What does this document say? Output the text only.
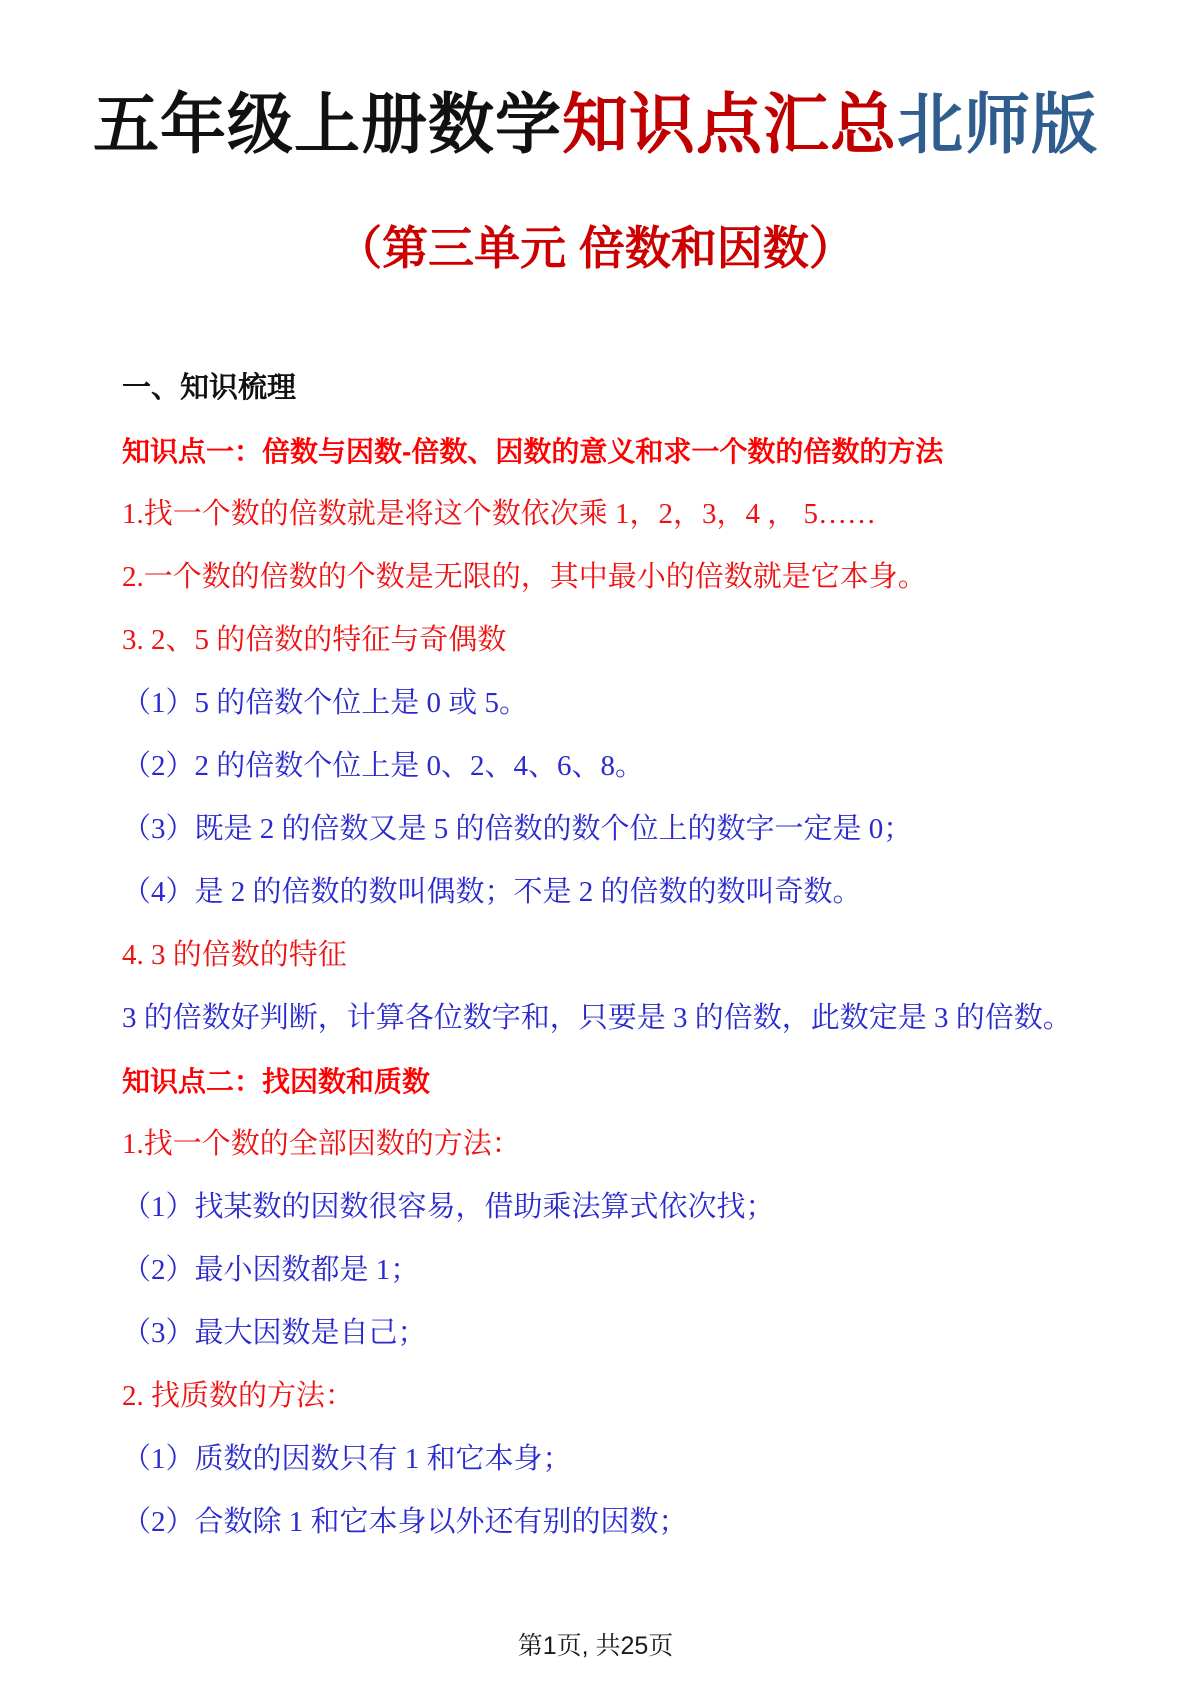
五年级上册数学知识点汇总北师版
（第三单元 倍数和因数）

一、知识梳理

知识点一：倍数与因数-倍数、因数的意义和求一个数的倍数的方法

1.找一个数的倍数就是将这个数依次乘 1，2，3，4 ， 5……

2.一个数的倍数的个数是无限的，其中最小的倍数就是它本身。

3. 2、5 的倍数的特征与奇偶数

（1）5 的倍数个位上是 0 或 5。

（2）2 的倍数个位上是 0、2、4、6、8。

（3）既是 2 的倍数又是 5 的倍数的数个位上的数字一定是 0；

（4）是 2 的倍数的数叫偶数；不是 2 的倍数的数叫奇数。

4. 3 的倍数的特征

3 的倍数好判断，计算各位数字和，只要是 3 的倍数，此数定是 3 的倍数。

知识点二：找因数和质数

1.找一个数的全部因数的方法：

（1）找某数的因数很容易，借助乘法算式依次找；

（2）最小因数都是 1；

（3）最大因数是自己；

2. 找质数的方法：

（1）质数的因数只有 1 和它本身；

（2）合数除 1 和它本身以外还有别的因数；

第1页, 共25页
